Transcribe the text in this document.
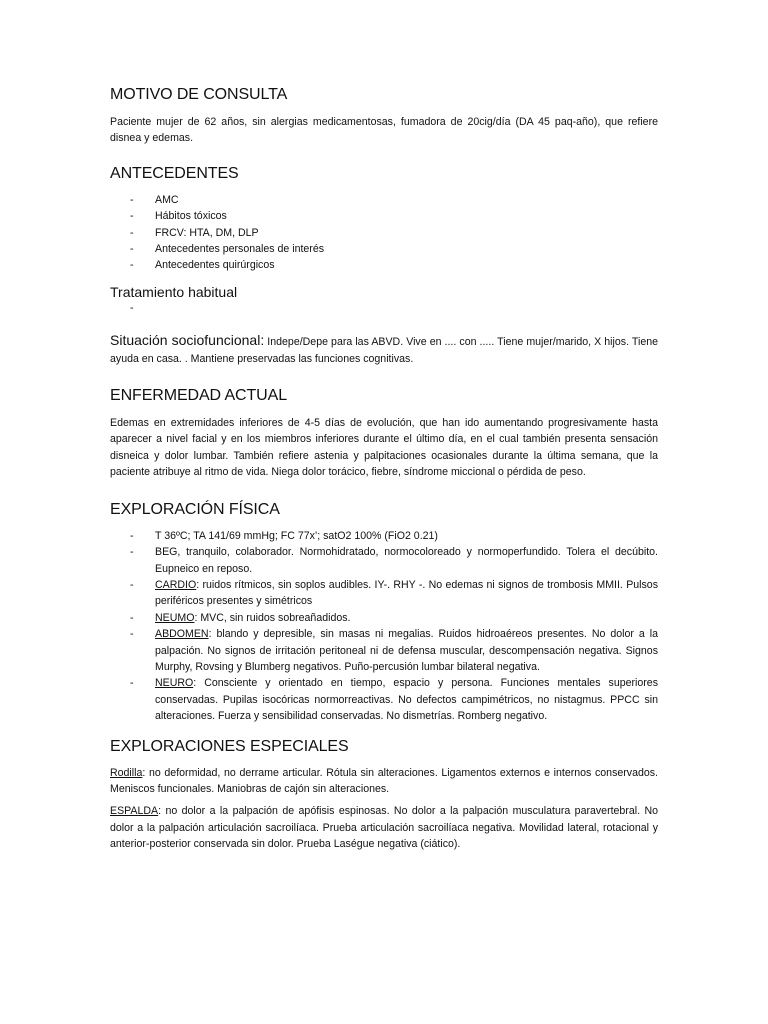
MOTIVO DE CONSULTA

Paciente mujer de 62 años, sin alergias medicamentosas, fumadora de 20cig/día (DA 45 paq-año), que refiere disnea y edemas.

ANTECEDENTES
- AMC
- Hábitos tóxicos
- FRCV: HTA, DM, DLP
- Antecedentes personales de interés
- Antecedentes quirúrgicos
Tratamiento habitual
-

Situación sociofuncional: Indepe/Depe para las ABVD. Vive en .... con ..... Tiene mujer/marido, X hijos. Tiene ayuda en casa. . Mantiene preservadas las funciones cognitivas.

ENFERMEDAD ACTUAL

Edemas en extremidades inferiores de 4-5 días de evolución, que han ido aumentando progresivamente hasta aparecer a nivel facial y en los miembros inferiores durante el último día, en el cual también presenta sensación disneica y dolor lumbar. También refiere astenia y palpitaciones ocasionales durante la última semana, que la paciente atribuye al ritmo de vida. Niega dolor torácico, fiebre, síndrome miccional o pérdida de peso.

EXPLORACIÓN FÍSICA
- T 36ºC; TA 141/69 mmHg; FC 77x’; satO2 100% (FiO2 0.21)
- BEG, tranquilo, colaborador. Normohidratado, normocoloreado y normoperfundido. Tolera el decúbito. Eupneico en reposo.
- CARDIO: ruidos rítmicos, sin soplos audibles. IY-. RHY -. No edemas ni signos de trombosis MMII. Pulsos periféricos presentes y simétricos
- NEUMO: MVC, sin ruidos sobreañadidos.
- ABDOMEN: blando y depresible, sin masas ni megalias. Ruidos hidroaéreos presentes. No dolor a la palpación. No signos de irritación peritoneal ni de defensa muscular, descompensación negativa. Signos Murphy, Rovsing y Blumberg negativos. Puño-percusión lumbar bilateral negativa.
- NEURO: Consciente y orientado en tiempo, espacio y persona. Funciones mentales superiores conservadas. Pupilas isocóricas normorreactivas. No defectos campimétricos, no nistagmus. PPCC sin alteraciones. Fuerza y sensibilidad conservadas. No dismetrías. Romberg negativo.
EXPLORACIONES ESPECIALES

Rodilla: no deformidad, no derrame articular. Rótula sin alteraciones. Ligamentos externos e internos conservados. Meniscos funcionales. Maniobras de cajón sin alteraciones.

ESPALDA: no dolor a la palpación de apófisis espinosas. No dolor a la palpación musculatura paravertebral. No dolor a la palpación articulación sacroilíaca. Prueba articulación sacroilíaca negativa. Movilidad lateral, rotacional y anterior-posterior conservada sin dolor. Prueba Laségue negativa (ciático).
